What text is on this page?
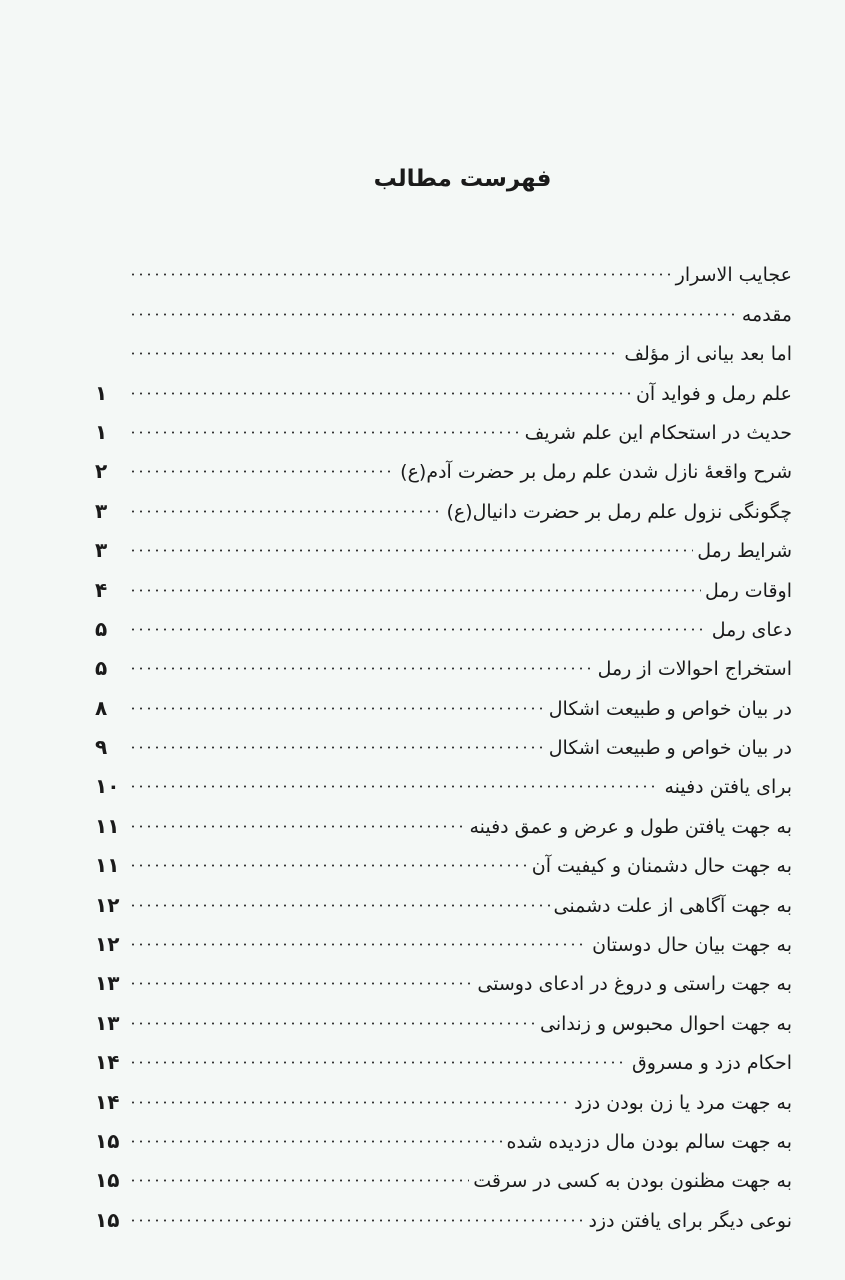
فهرست مطالب
عجایب الاسرار
مقدمه
اما بعد بیانی از مؤلف
علم رمل و فواید آن
۱
حدیث در استحکام این علم شریف
۱
شرح واقعهٔ نازل شدن علم رمل بر حضرت آدم(ع)
۲
چگونگی نزول علم رمل بر حضرت دانیال(ع)
۳
شرایط رمل
۳
اوقات رمل
۴
دعای رمل
۵
استخراج احوالات از رمل
۵
در بیان خواص و طبیعت اشکال
۸
در بیان خواص و طبیعت اشکال
۹
برای یافتن دفینه
۱۰
به جهت یافتن طول و عرض و عمق دفینه
۱۱
به جهت حال دشمنان و کیفیت آن
۱۱
به جهت آگاهی از علت دشمنی
۱۲
به جهت بیان حال دوستان
۱۲
به جهت راستی و دروغ در ادعای دوستی
۱۳
به جهت احوال محبوس و زندانی
۱۳
احکام دزد و مسروق
۱۴
به جهت مرد یا زن بودن دزد
۱۴
به جهت سالم بودن مال دزدیده شده
۱۵
به جهت مظنون بودن به کسی در سرقت
۱۵
نوعی دیگر برای یافتن دزد
۱۵
